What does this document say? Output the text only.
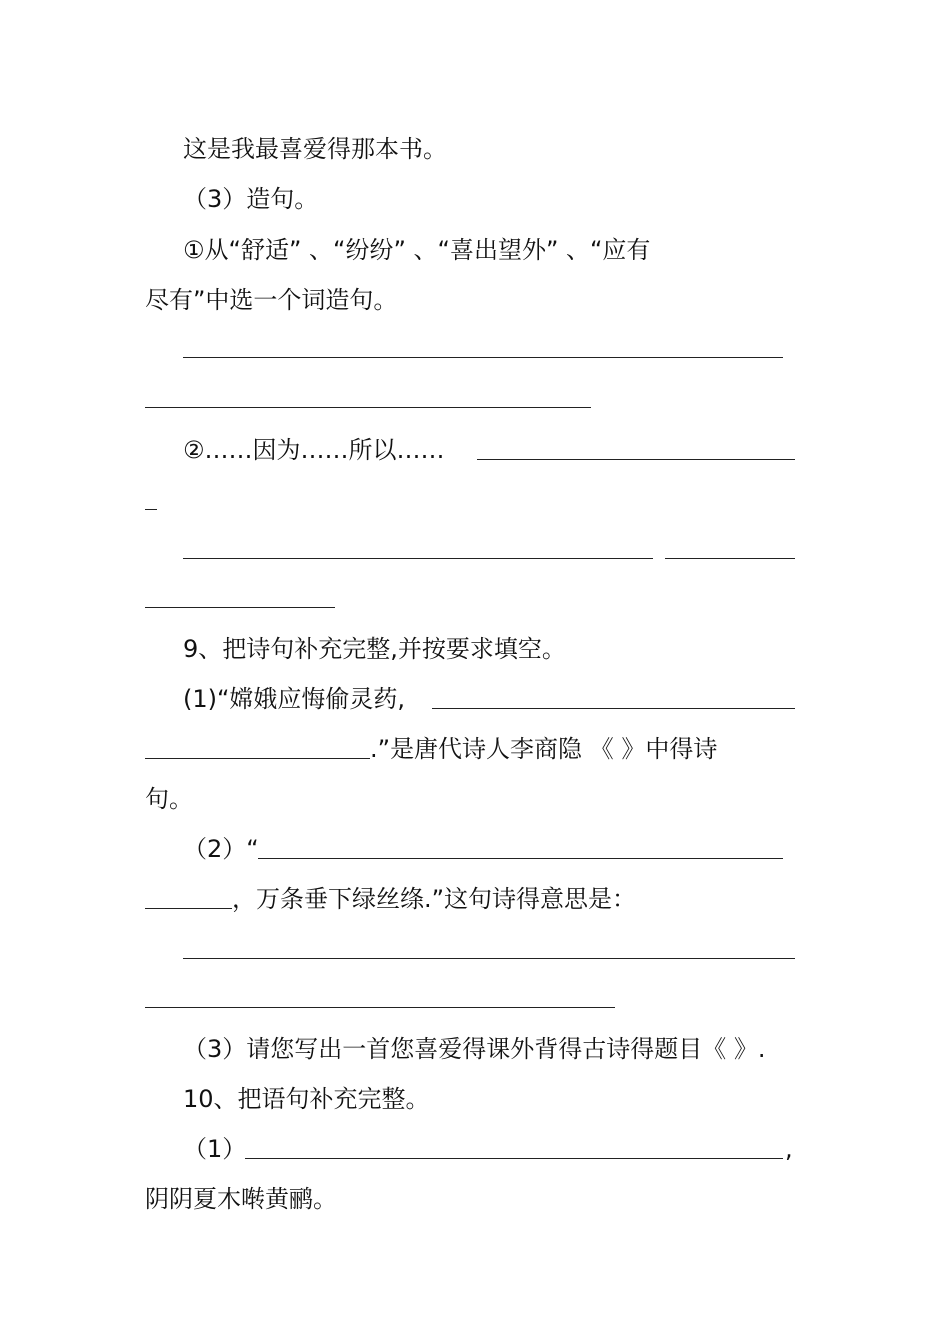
这是我最喜爱得那本书。
（3）造句。
①从“舒适” 、“纷纷” 、“喜出望外” 、“应有
尽有”中选一个词造句。
②……因为……所以……
9、把诗句补充完整,并按要求填空。
(1)“嫦娥应悔偷灵药,
.”是唐代诗人李商隐 《 》中得诗
句。
（2）“
，万条垂下绿丝绦.”这句诗得意思是：
（3）请您写出一首您喜爱得课外背得古诗得题目《 》.
10、把语句补充完整。
（1）	,
阴阴夏木啭黄鹂。
